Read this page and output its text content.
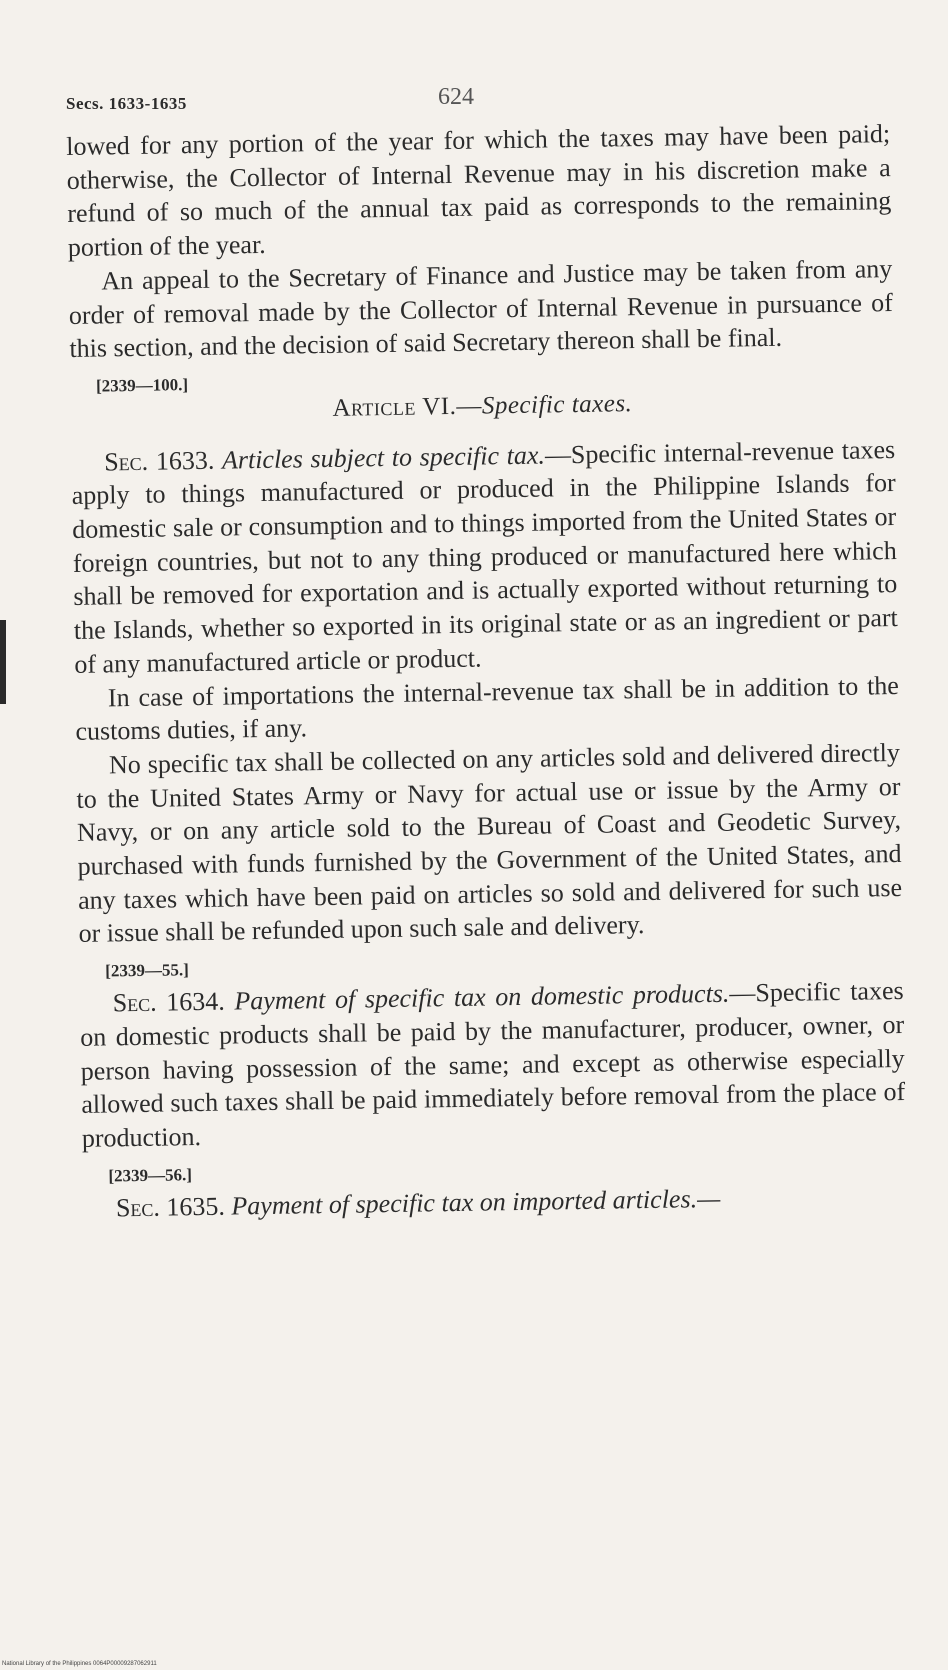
Secs. 1633-1635	624

lowed for any portion of the year for which the taxes may have been paid; otherwise, the Collector of Internal Revenue may in his discretion make a refund of so much of the annual tax paid as corresponds to the remaining portion of the year.

An appeal to the Secretary of Finance and Justice may be taken from any order of removal made by the Collector of Internal Revenue in pursuance of this section, and the decision of said Secretary thereon shall be final.

[2339—100.]

Article VI.—Specific taxes.

Sec. 1633. Articles subject to specific tax.—Specific internal-revenue taxes apply to things manufactured or produced in the Philippine Islands for domestic sale or consumption and to things imported from the United States or foreign countries, but not to any thing produced or manufactured here which shall be removed for exportation and is actually exported without returning to the Islands, whether so exported in its original state or as an ingredient or part of any manufactured article or product.

In case of importations the internal-revenue tax shall be in addition to the customs duties, if any.

No specific tax shall be collected on any articles sold and delivered directly to the United States Army or Navy for actual use or issue by the Army or Navy, or on any article sold to the Bureau of Coast and Geodetic Survey, purchased with funds furnished by the Government of the United States, and any taxes which have been paid on articles so sold and delivered for such use or issue shall be refunded upon such sale and delivery.

[2339—55.]

Sec. 1634. Payment of specific tax on domestic products.—Specific taxes on domestic products shall be paid by the manufacturer, producer, owner, or person having possession of the same; and except as otherwise especially allowed such taxes shall be paid immediately before removal from the place of production.

[2339—56.]

Sec. 1635. Payment of specific tax on imported articles.—

National Library of the Philippines 0064P00009287062911
